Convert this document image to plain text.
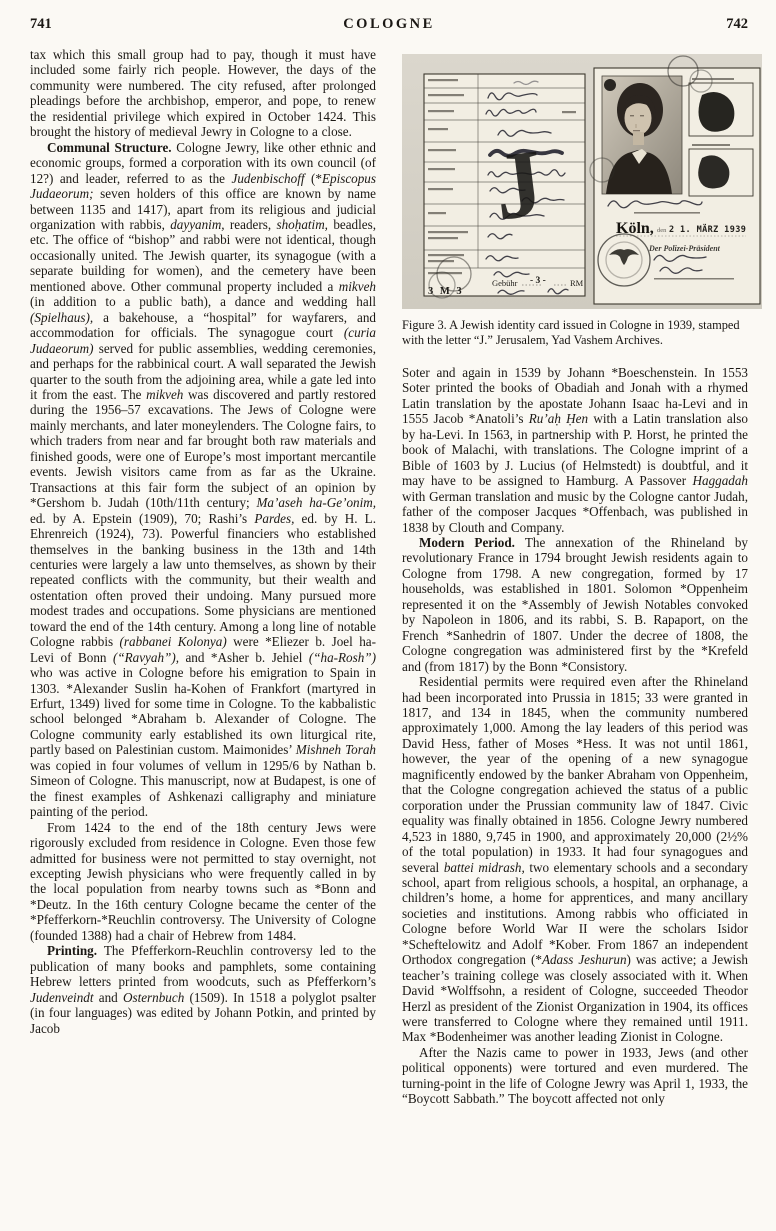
741	COLOGNE	742

tax which this small group had to pay, though it must have included some fairly rich people. However, the days of the community were numbered. The city refused, after prolonged pleadings before the archbishop, emperor, and pope, to renew the residential privilege which expired in October 1424. This brought the history of medieval Jewry in Cologne to a close.

Communal Structure. Cologne Jewry, like other ethnic and economic groups, formed a corporation with its own council (of 12?) and leader, referred to as the Judenbischoff (*Episcopus Judaeorum; seven holders of this office are known by name between 1135 and 1417), apart from its religious and judicial organization with rabbis, dayyanim, readers, shoḥatim, beadles, etc. The office of “bishop” and rabbi were not identical, though occasionally united. The Jewish quarter, its synagogue (with a separate building for women), and the cemetery have been mentioned above. Other communal property included a mikveh (in addition to a public bath), a dance and wedding hall (Spielhaus), a bakehouse, a “hospital” for wayfarers, and accommodation for officials. The synagogue court (curia Judaeorum) served for public assemblies, wedding ceremonies, and perhaps for the rabbinical court. A wall separated the Jewish quarter to the south from the adjoining area, while a gate led into it from the east. The mikveh was discovered and partly restored during the 1956–57 excavations. The Jews of Cologne were mainly merchants, and later moneylenders. The Cologne fairs, to which traders from near and far brought both raw materials and finished goods, were one of Europe’s most important mercantile events. Jewish visitors came from as far as the Ukraine. Transactions at this fair form the subject of an opinion by *Gershom b. Judah (10th/11th century; Ma’aseh ha-Ge’onim, ed. by A. Epstein (1909), 70; Rashi’s Pardes, ed. by H. L. Ehrenreich (1924), 73). Powerful financiers who established themselves in the banking business in the 13th and 14th centuries were largely a law unto themselves, as shown by their repeated conflicts with the community, but their wealth and ostentation often proved their undoing. Many pursued more modest trades and occupations. Some physicians are mentioned toward the end of the 14th century. Among a long line of notable Cologne rabbis (rabbanei Kolonya) were *Eliezer b. Joel ha-Levi of Bonn (“Ravyah”), and *Asher b. Jehiel (“ha-Rosh”) who was active in Cologne before his emigration to Spain in 1303. *Alexander Suslin ha-Kohen of Frankfort (martyred in Erfurt, 1349) lived for some time in Cologne. To the kabbalistic school belonged *Abraham b. Alexander of Cologne. The Cologne community early established its own liturgical rite, partly based on Palestinian custom. Maimonides’ Mishneh Torah was copied in four volumes of vellum in 1295/6 by Nathan b. Simeon of Cologne. This manuscript, now at Budapest, is one of the finest examples of Ashkenazi calligraphy and miniature painting of the period.

From 1424 to the end of the 18th century Jews were rigorously excluded from residence in Cologne. Even those few admitted for business were not permitted to stay overnight, not excepting Jewish physicians who were frequently called in by the local population from nearby towns such as *Bonn and *Deutz. In the 16th century Cologne became the center of the *Pfefferkorn-*Reuchlin controversy. The University of Cologne (founded 1388) had a chair of Hebrew from 1484.

Printing. The Pfefferkorn-Reuchlin controversy led to the publication of many books and pamphlets, some containing Hebrew letters printed from woodcuts, such as Pfefferkorn’s Judenveindt and Osternbuch (1509). In 1518 a polyglot psalter (in four languages) was edited by Johann Potkin, and printed by Jacob

J
Gebühr - 3 -	RM
3 M 3
Köln, den 2 1. MÄRZ 1939
Der Polizei-Präsident
Figure 3. A Jewish identity card issued in Cologne in 1939, stamped with the letter “J.” Jerusalem, Yad Vashem Archives.

Soter and again in 1539 by Johann *Boeschenstein. In 1553 Soter printed the books of Obadiah and Jonah with a rhymed Latin translation by the apostate Johann Isaac ha-Levi and in 1555 Jacob *Anatoli’s Ru’aḥ Ḥen with a Latin translation also by ha-Levi. In 1563, in partnership with P. Horst, he printed the book of Malachi, with translations. The Cologne imprint of a Bible of 1603 by J. Lucius (of Helmstedt) is doubtful, and it may have to be assigned to Hamburg. A Passover Haggadah with German translation and music by the Cologne cantor Judah, father of the composer Jacques *Offenbach, was published in 1838 by Clouth and Company.

Modern Period. The annexation of the Rhineland by revolutionary France in 1794 brought Jewish residents again to Cologne from 1798. A new congregation, formed by 17 households, was established in 1801. Solomon *Oppenheim represented it on the *Assembly of Jewish Notables convoked by Napoleon in 1806, and its rabbi, S. B. Rapaport, on the French *Sanhedrin of 1807. Under the decree of 1808, the Cologne congregation was administered first by the *Krefeld and (from 1817) by the Bonn *Consistory.

Residential permits were required even after the Rhineland had been incorporated into Prussia in 1815; 33 were granted in 1817, and 134 in 1845, when the community numbered approximately 1,000. Among the lay leaders of this period was David Hess, father of Moses *Hess. It was not until 1861, however, the year of the opening of a new synagogue magnificently endowed by the banker Abraham von Oppenheim, that the Cologne congregation achieved the status of a public corporation under the Prussian community law of 1847. Civic equality was finally obtained in 1856. Cologne Jewry numbered 4,523 in 1880, 9,745 in 1900, and approximately 20,000 (2½% of the total population) in 1933. It had four synagogues and several battei midrash, two elementary schools and a secondary school, apart from religious schools, a hospital, an orphanage, a children’s home, a home for apprentices, and many ancillary societies and institutions. Among rabbis who officiated in Cologne before World War II were the scholars Isidor *Scheftelowitz and Adolf *Kober. From 1867 an independent Orthodox congregation (*Adass Jeshurun) was active; a Jewish teacher’s training college was closely associated with it. When David *Wolffsohn, a resident of Cologne, succeeded Theodor Herzl as president of the Zionist Organization in 1904, its offices were transferred to Cologne where they remained until 1911. Max *Bodenheimer was another leading Zionist in Cologne.

After the Nazis came to power in 1933, Jews (and other political opponents) were tortured and even murdered. The turning-point in the life of Cologne Jewry was April 1, 1933, the “Boycott Sabbath.” The boycott affected not only
